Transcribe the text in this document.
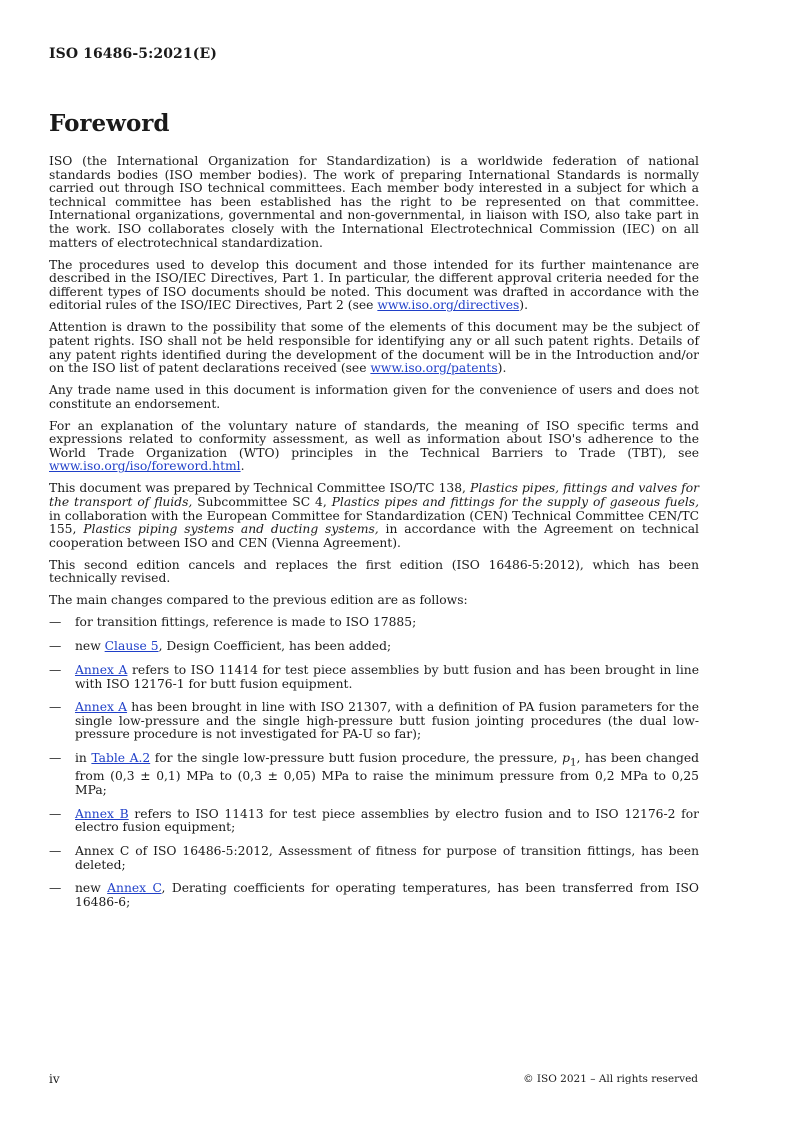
ISO 16486-5:2021(E)
Foreword

ISO (the International Organization for Standardization) is a worldwide federation of national standards bodies (ISO member bodies). The work of preparing International Standards is normally carried out through ISO technical committees. Each member body interested in a subject for which a technical committee has been established has the right to be represented on that committee. International organizations, governmental and non-governmental, in liaison with ISO, also take part in the work. ISO collaborates closely with the International Electrotechnical Commission (IEC) on all matters of electrotechnical standardization.

The procedures used to develop this document and those intended for its further maintenance are described in the ISO/IEC Directives, Part 1. In particular, the different approval criteria needed for the different types of ISO documents should be noted. This document was drafted in accordance with the editorial rules of the ISO/IEC Directives, Part 2 (see www.iso.org/directives).

Attention is drawn to the possibility that some of the elements of this document may be the subject of patent rights. ISO shall not be held responsible for identifying any or all such patent rights. Details of any patent rights identified during the development of the document will be in the Introduction and/or on the ISO list of patent declarations received (see www.iso.org/patents).

Any trade name used in this document is information given for the convenience of users and does not constitute an endorsement.

For an explanation of the voluntary nature of standards, the meaning of ISO specific terms and expressions related to conformity assessment, as well as information about ISO's adherence to the World Trade Organization (WTO) principles in the Technical Barriers to Trade (TBT), see www.iso.org/iso/foreword.html.

This document was prepared by Technical Committee ISO/TC 138, Plastics pipes, fittings and valves for the transport of fluids, Subcommittee SC 4, Plastics pipes and fittings for the supply of gaseous fuels, in collaboration with the European Committee for Standardization (CEN) Technical Committee CEN/TC 155, Plastics piping systems and ducting systems, in accordance with the Agreement on technical cooperation between ISO and CEN (Vienna Agreement).

This second edition cancels and replaces the first edition (ISO 16486-5:2012), which has been technically revised.

The main changes compared to the previous edition are as follows:

—	for transition fittings, reference is made to ISO 17885;
—	new Clause 5, Design Coefficient, has been added;
—	Annex A refers to ISO 11414 for test piece assemblies by butt fusion and has been brought in line with ISO 12176-1 for butt fusion equipment.
—	Annex A has been brought in line with ISO 21307, with a definition of PA fusion parameters for the single low-pressure and the single high-pressure butt fusion jointing procedures (the dual low-pressure procedure is not investigated for PA-U so far);
—	in Table A.2 for the single low-pressure butt fusion procedure, the pressure, $p_1$, has been changed from (0,3 ± 0,1) MPa to (0,3 ± 0,05) MPa to raise the minimum pressure from 0,2 MPa to 0,25 MPa;
—	Annex B refers to ISO 11413 for test piece assemblies by electro fusion and to ISO 12176-2 for electro fusion equipment;
—	Annex C of ISO 16486-5:2012, Assessment of fitness for purpose of transition fittings, has been deleted;
—	new Annex C, Derating coefficients for operating temperatures, has been transferred from ISO 16486-6;
iv	© ISO 2021 – All rights reserved
